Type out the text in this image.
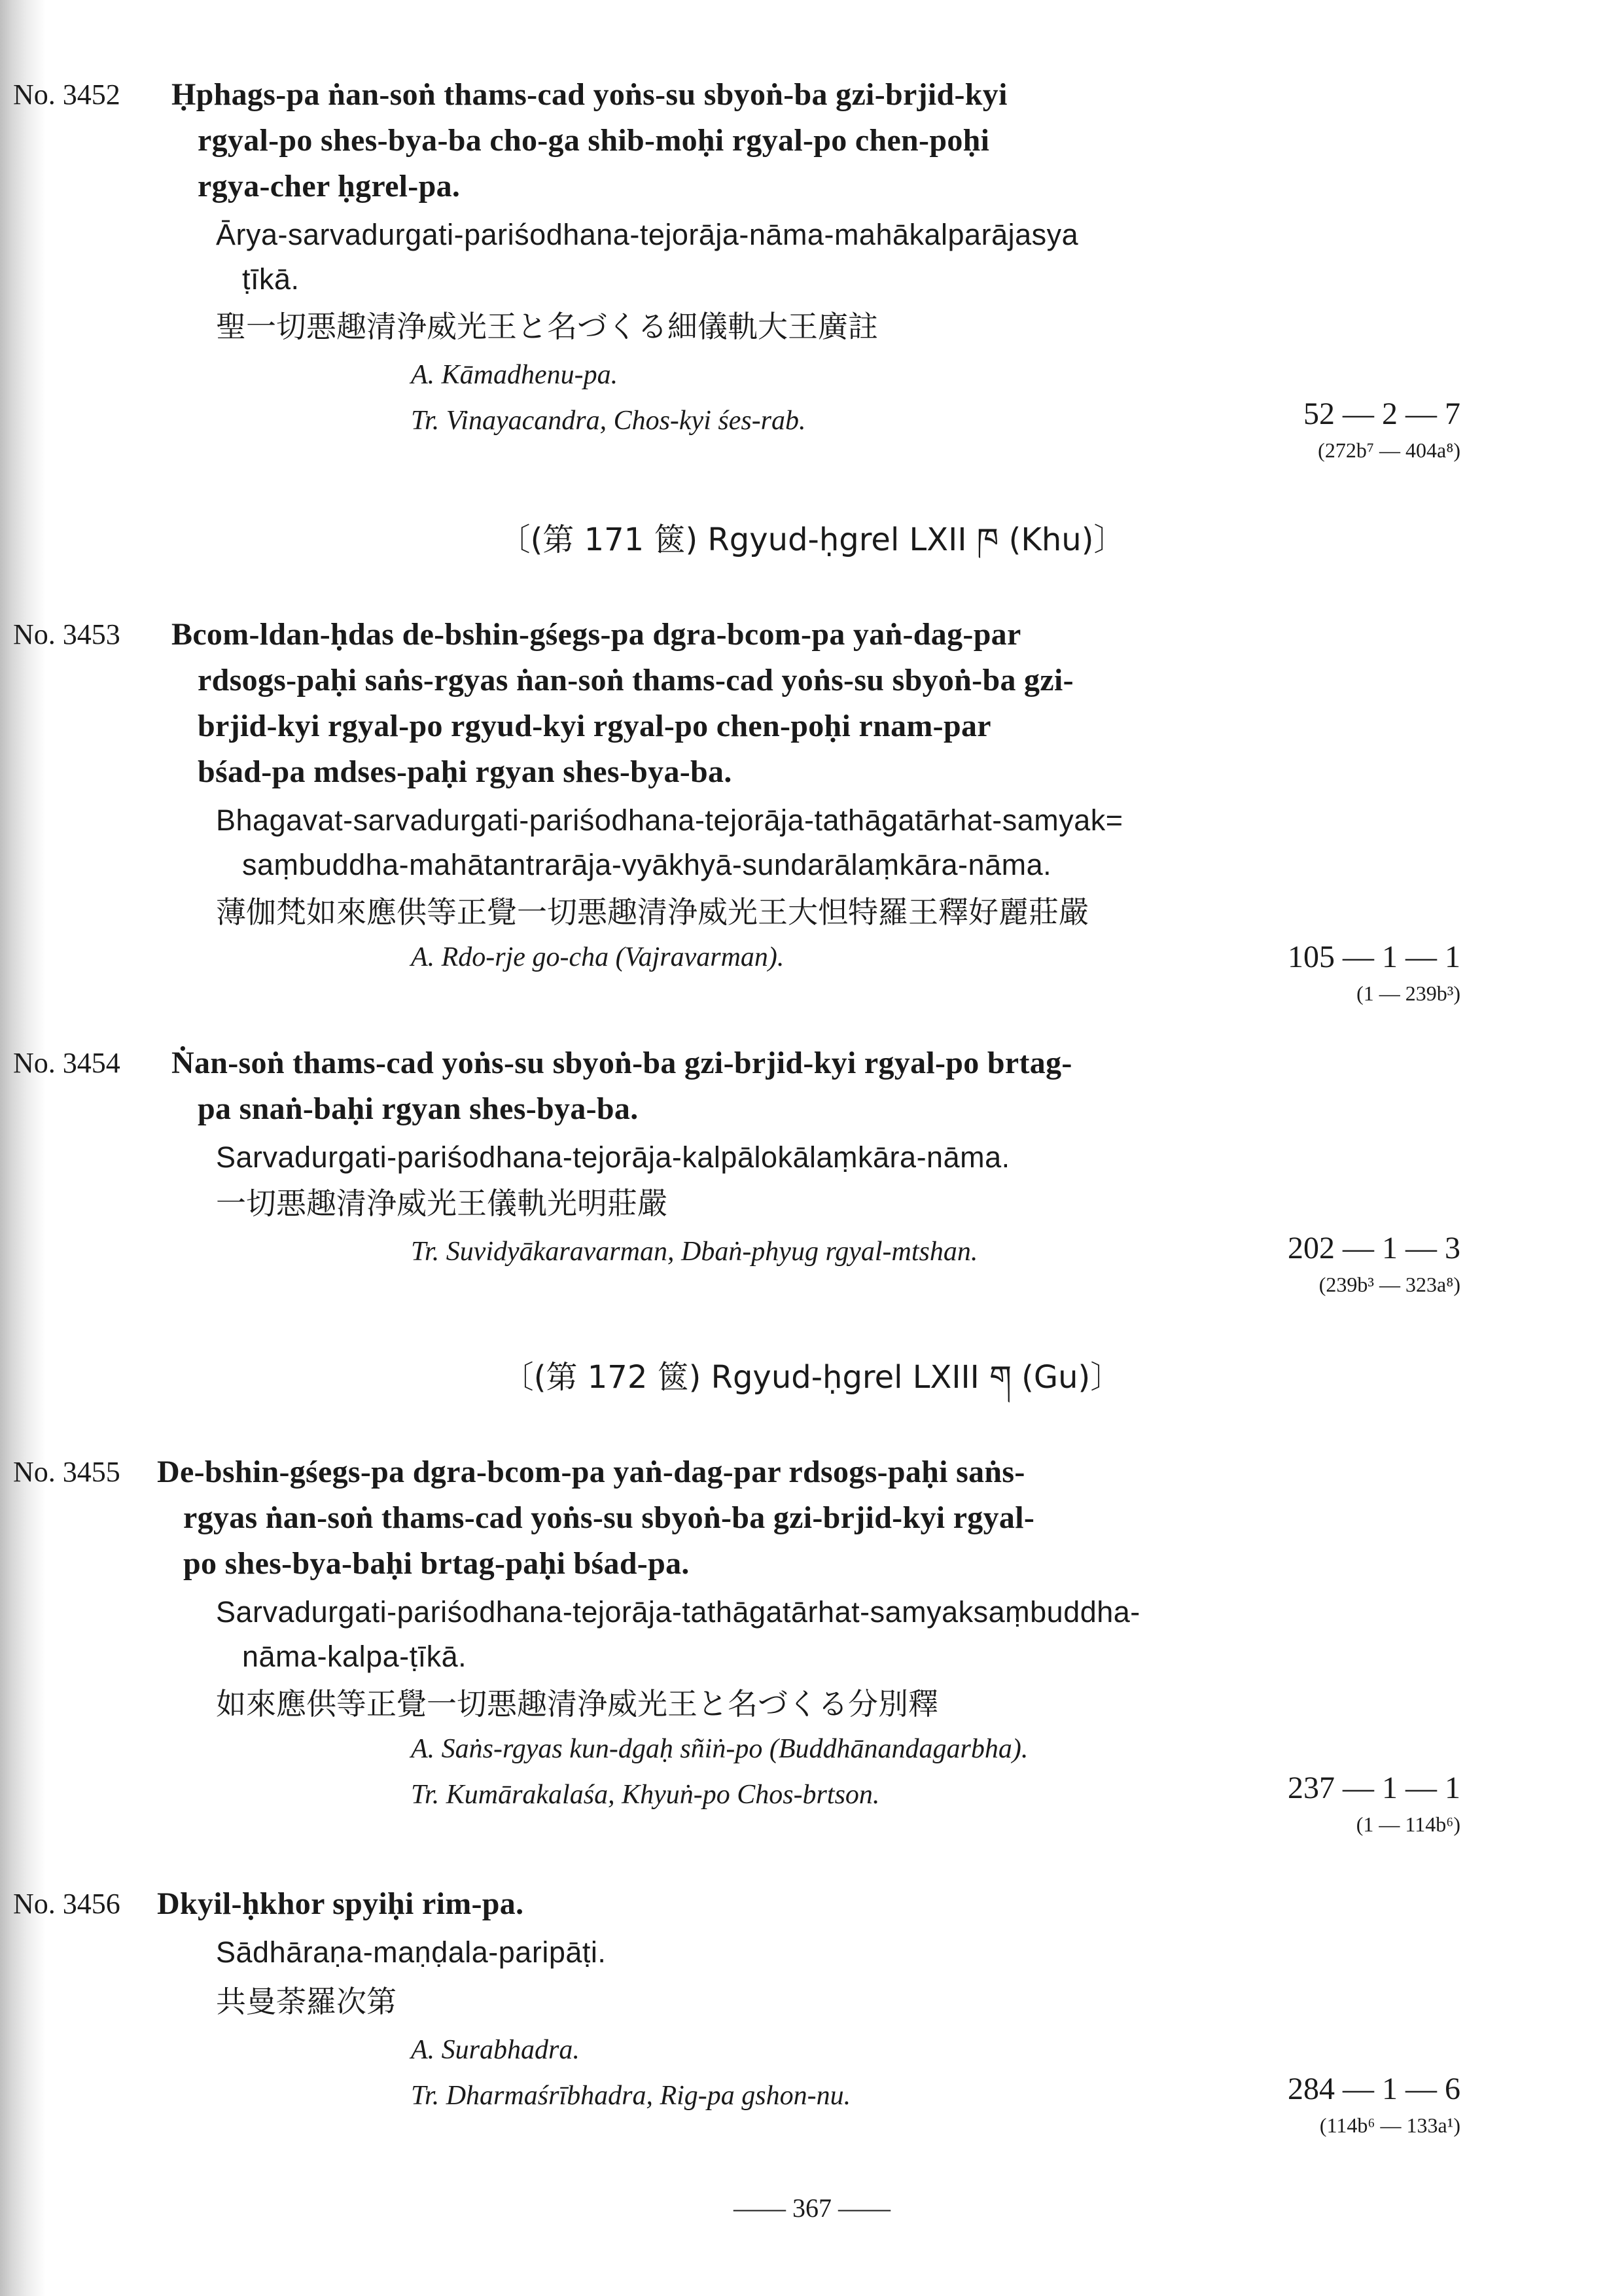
No. 3452 Ḥphags-pa ṅan-soṅ thams-cad yoṅs-su sbyoṅ-ba gzi-brjid-kyi
rgyal-po shes-bya-ba cho-ga shib-moḥi rgyal-po chen-poḥi
rgya-cher ḥgrel-pa.
Ārya-sarvadurgati-pariśodhana-tejorāja-nāma-mahākalparājasya
ṭīkā.
聖一切悪趣清浄威光王と名づくる細儀軌大王廣註
A. Kāmadhenu-pa.
Tr. Vinayacandra, Chos-kyi śes-rab.	52 — 2 — 7
(272b⁷ — 404a⁸)
〔(第 171 篋) Rgyud-ḥgrel LXII ཁ (Khu)〕
No. 3453 Bcom-ldan-ḥdas de-bshin-gśegs-pa dgra-bcom-pa yaṅ-dag-par
rdsogs-paḥi saṅs-rgyas ṅan-soṅ thams-cad yoṅs-su sbyoṅ-ba gzi-
brjid-kyi rgyal-po rgyud-kyi rgyal-po chen-poḥi rnam-par
bśad-pa mdses-paḥi rgyan shes-bya-ba.
Bhagavat-sarvadurgati-pariśodhana-tejorāja-tathāgatārhat-samyak=
saṃbuddha-mahātantrarāja-vyākhyā-sundarālaṃkāra-nāma.
薄伽梵如來應供等正覺一切悪趣清浄威光王大怛特羅王釋好麗莊嚴
A. Rdo-rje go-cha (Vajravarman).	105 — 1 — 1
(1 — 239b³)
No. 3454 Ṅan-soṅ thams-cad yoṅs-su sbyoṅ-ba gzi-brjid-kyi rgyal-po brtag-
pa snaṅ-baḥi rgyan shes-bya-ba.
Sarvadurgati-pariśodhana-tejorāja-kalpālokālaṃkāra-nāma.
一切悪趣清浄威光王儀軌光明莊嚴
Tr. Suvidyākaravarman, Dbaṅ-phyug rgyal-mtshan.	202 — 1 — 3
(239b³ — 323a⁸)
〔(第 172 篋) Rgyud-ḥgrel LXIII ག (Gu)〕
No. 3455 De-bshin-gśegs-pa dgra-bcom-pa yaṅ-dag-par rdsogs-paḥi saṅs-
rgyas ṅan-soṅ thams-cad yoṅs-su sbyoṅ-ba gzi-brjid-kyi rgyal-
po shes-bya-baḥi brtag-paḥi bśad-pa.
Sarvadurgati-pariśodhana-tejorāja-tathāgatārhat-samyaksaṃbuddha-
nāma-kalpa-ṭīkā.
如來應供等正覺一切悪趣清浄威光王と名づくる分別釋
A. Saṅs-rgyas kun-dgaḥ sñiṅ-po (Buddhānandagarbha).
Tr. Kumārakalaśa, Khyuṅ-po Chos-brtson.	237 — 1 — 1
(1 — 114b⁶)
No. 3456 Dkyil-ḥkhor spyiḥi rim-pa.
Sādhāraṇa-maṇḍala-paripāṭi.
共曼荼羅次第
A. Surabhadra.
Tr. Dharmaśrībhadra, Rig-pa gshon-nu.	284 — 1 — 6
(114b⁶ — 133a¹)
—— 367 ——
